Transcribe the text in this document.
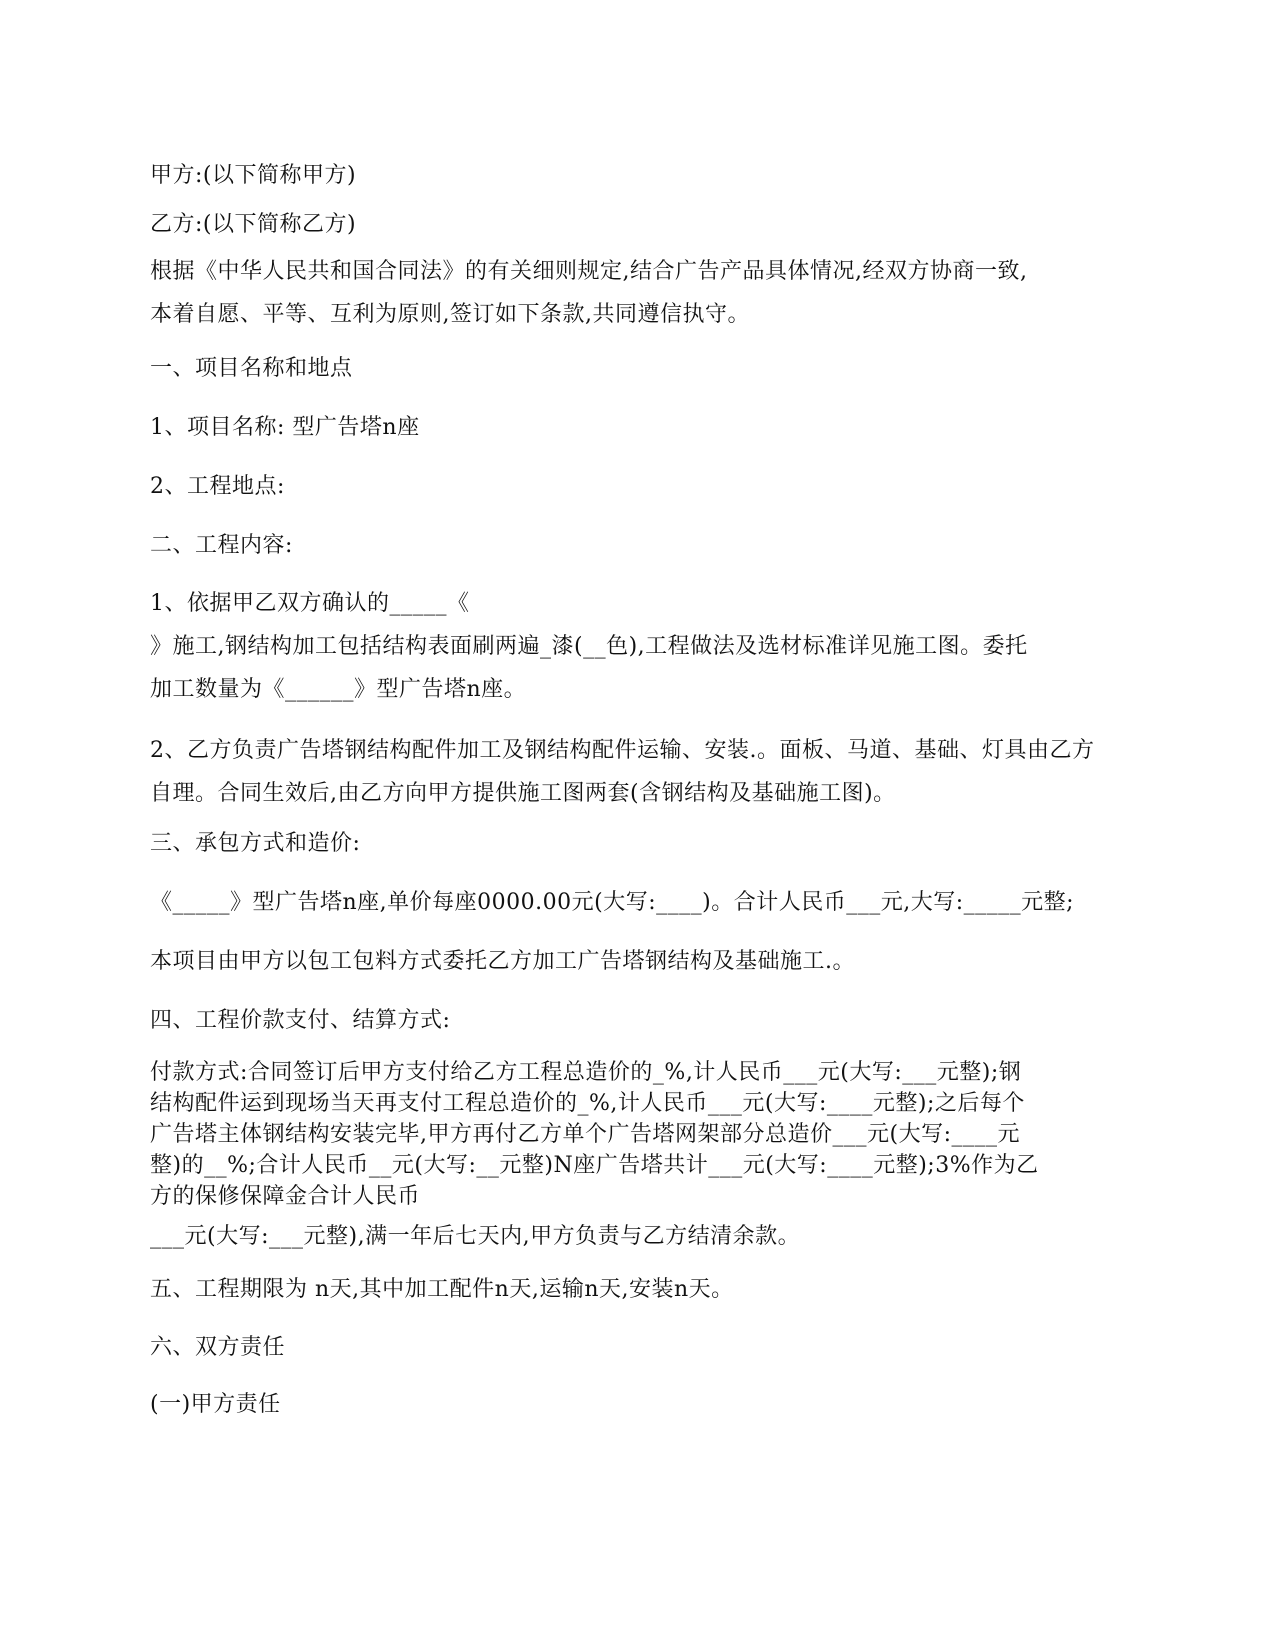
甲方:(以下简称甲方)
乙方:(以下简称乙方)
根据《中华人民共和国合同法》的有关细则规定,结合广告产品具体情况,经双方协商一致,
本着自愿、平等、互利为原则,签订如下条款,共同遵信执守。
一、项目名称和地点
1、项目名称: 型广告塔n座
2、工程地点:
二、工程内容:
1、依据甲乙双方确认的_____《
》施工,钢结构加工包括结构表面刷两遍_漆(__色),工程做法及选材标准详见施工图。委托
加工数量为《______》型广告塔n座。
2、乙方负责广告塔钢结构配件加工及钢结构配件运输、安装.。面板、马道、基础、灯具由乙方
自理。合同生效后,由乙方向甲方提供施工图两套(含钢结构及基础施工图)。
三、承包方式和造价:
《_____》型广告塔n座,单价每座0000.00元(大写:____)。合计人民币___元,大写:_____元整;
本项目由甲方以包工包料方式委托乙方加工广告塔钢结构及基础施工.。
四、工程价款支付、结算方式:
付款方式:合同签订后甲方支付给乙方工程总造价的_%,计人民币___元(大写:___元整);钢
结构配件运到现场当天再支付工程总造价的_%,计人民币___元(大写:____元整);之后每个
广告塔主体钢结构安装完毕,甲方再付乙方单个广告塔网架部分总造价___元(大写:____元
整)的__%;合计人民币__元(大写:__元整)N座广告塔共计___元(大写:____元整);3%作为乙
方的保修保障金合计人民币
___元(大写:___元整),满一年后七天内,甲方负责与乙方结清余款。
五、工程期限为 n天,其中加工配件n天,运输n天,安装n天。
六、双方责任
(一)甲方责任
